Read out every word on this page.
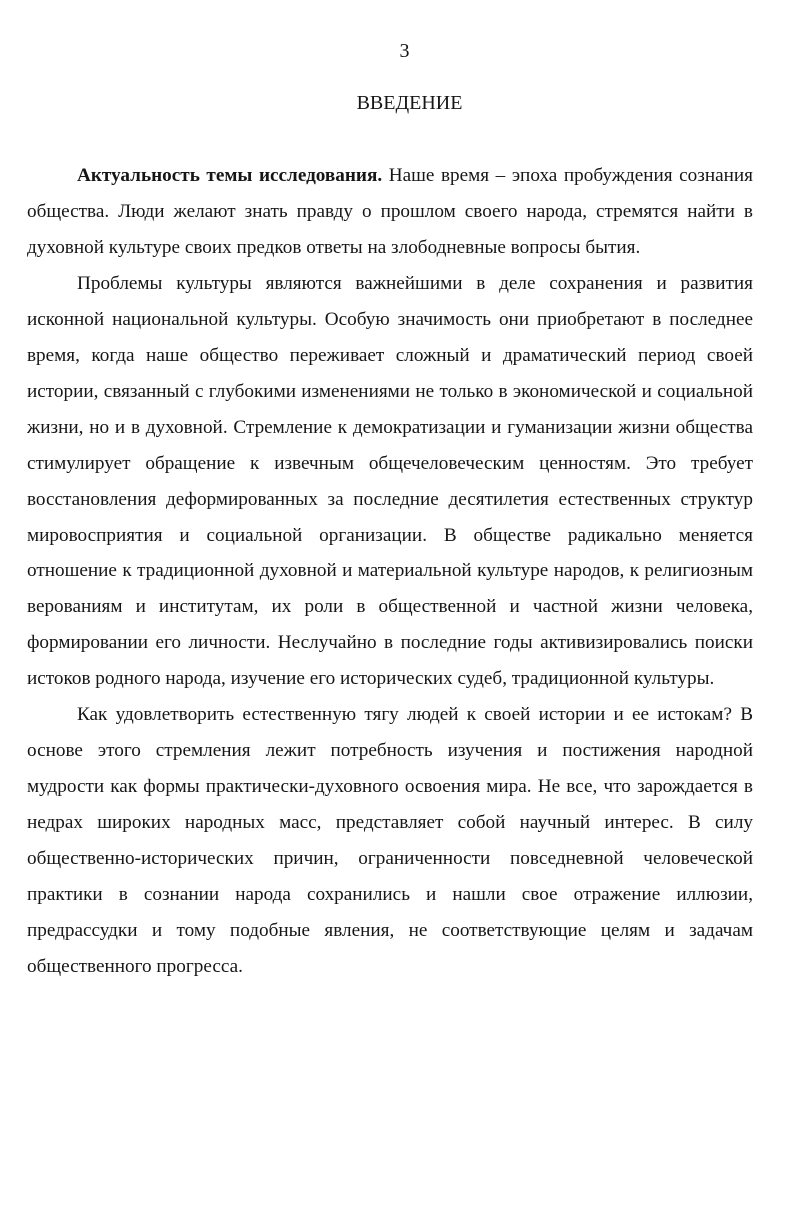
3
ВВЕДЕНИЕ

Актуальность темы исследования. Наше время – эпоха пробуждения сознания общества. Люди желают знать правду о прошлом своего народа, стремятся найти в духовной культуре своих предков ответы на злободневные вопросы бытия.

Проблемы культуры являются важнейшими в деле сохранения и развития исконной национальной культуры. Особую значимость они приобретают в последнее время, когда наше общество переживает сложный и драматический период своей истории, связанный с глубокими изменениями не только в экономической и социальной жизни, но и в духовной. Стремление к демократизации и гуманизации жизни общества стимулирует обращение к извечным общечеловеческим ценностям. Это требует восстановления деформированных за последние десятилетия естественных структур мировосприятия и социальной организации. В обществе радикально меняется отношение к традиционной духовной и материальной культуре народов, к религиозным верованиям и институтам, их роли в общественной и частной жизни человека, формировании его личности. Неслучайно в последние годы активизировались поиски истоков родного народа, изучение его исторических судеб, традиционной культуры.

Как удовлетворить естественную тягу людей к своей истории и ее истокам? В основе этого стремления лежит потребность изучения и постижения народной мудрости как формы практически-духовного освоения мира. Не все, что зарождается в недрах широких народных масс, представляет собой научный интерес. В силу общественно-исторических причин, ограниченности повседневной человеческой практики в сознании народа сохранились и нашли свое отражение иллюзии, предрассудки и тому подобные явления, не соответствующие целям и задачам общественного прогресса.
